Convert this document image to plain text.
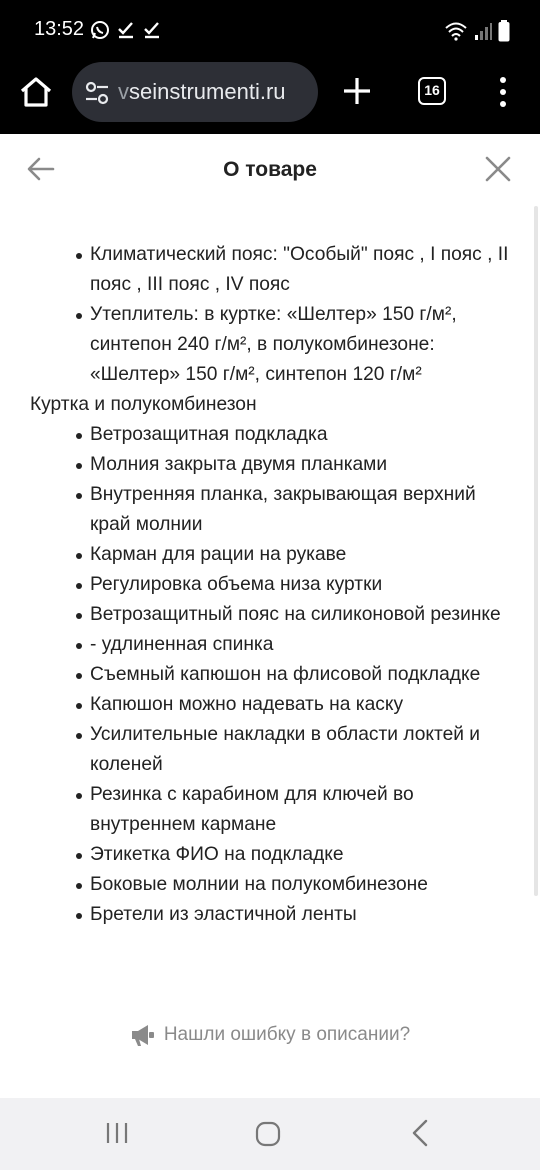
13:52
vseinstrumenti.ru	16
О товаре
Климатический пояс: "Особый" пояс , I пояс , II пояс , III пояс , IV пояс
Утеплитель: в куртке: «Шелтер» 150 г/м², синтепон 240 г/м², в полукомбинезоне: «Шелтер» 150 г/м², синтепон 120 г/м²
Куртка и полукомбинезон
Ветрозащитная подкладка
Молния закрыта двумя планками
Внутренняя планка, закрывающая верхний край молнии
Карман для рации на рукаве
Регулировка объема низа куртки
Ветрозащитный пояс на силиконовой резинке
- удлиненная спинка
Съемный капюшон на флисовой подкладке
Капюшон можно надевать на каску
Усилительные накладки в области локтей и коленей
Резинка с карабином для ключей во внутреннем кармане
Этикетка ФИО на подкладке
Боковые молнии на полукомбинезоне
Бретели из эластичной ленты
Нашли ошибку в описании?
